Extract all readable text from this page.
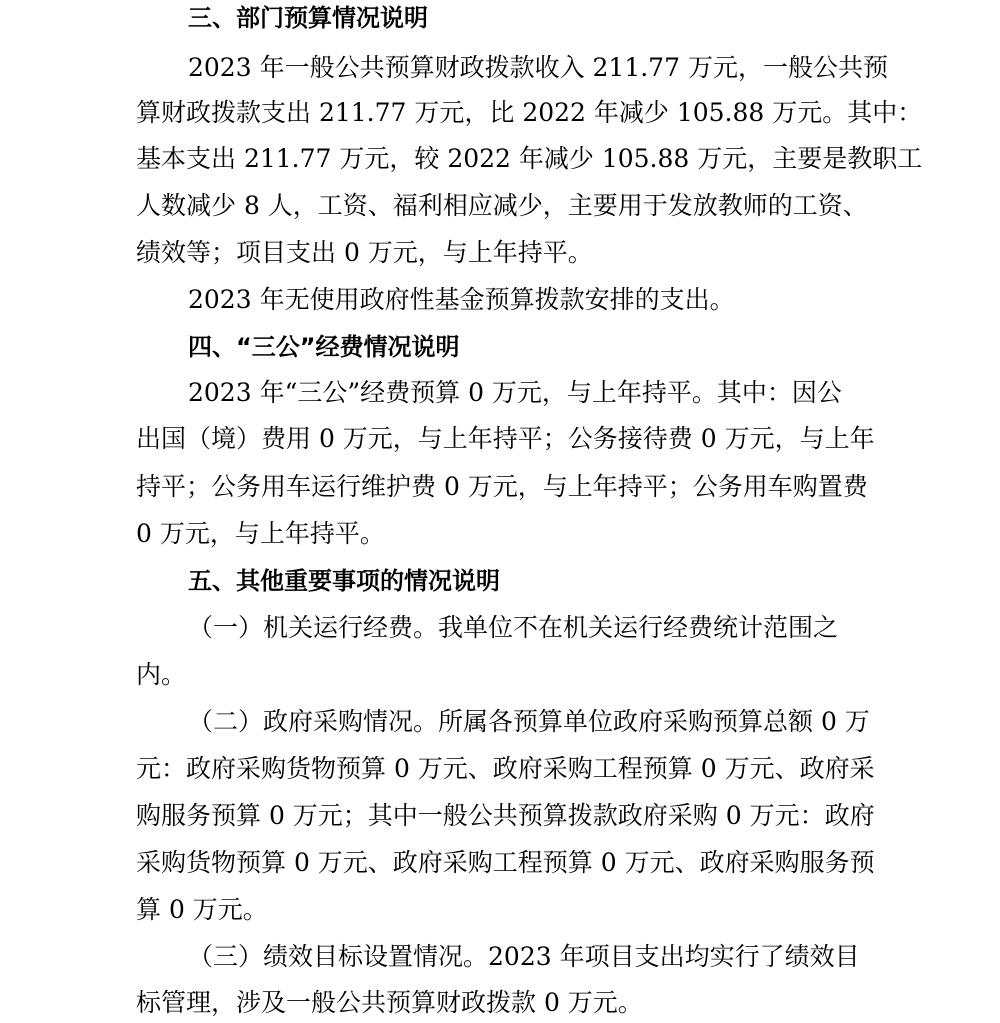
三、部门预算情况说明

2023 年一般公共预算财政拨款收入 211.77 万元，一般公共预

算财政拨款支出 211.77 万元，比 2022 年减少 105.88 万元。其中：

基本支出 211.77 万元，较 2022 年减少 105.88 万元，主要是教职工

人数减少 8 人，工资、福利相应减少，主要用于发放教师的工资、

绩效等；项目支出 0 万元，与上年持平。

2023 年无使用政府性基金预算拨款安排的支出。

四、“三公”经费情况说明

2023 年“三公”经费预算 0 万元，与上年持平。其中：因公

出国（境）费用 0 万元，与上年持平；公务接待费 0 万元，与上年

持平；公务用车运行维护费 0 万元，与上年持平；公务用车购置费

0 万元，与上年持平。

五、其他重要事项的情况说明

（一）机关运行经费。我单位不在机关运行经费统计范围之

内。

（二）政府采购情况。所属各预算单位政府采购预算总额 0 万

元：政府采购货物预算 0 万元、政府采购工程预算 0 万元、政府采

购服务预算 0 万元；其中一般公共预算拨款政府采购 0 万元：政府

采购货物预算 0 万元、政府采购工程预算 0 万元、政府采购服务预

算 0 万元。

（三）绩效目标设置情况。2023 年项目支出均实行了绩效目

标管理，涉及一般公共预算财政拨款 0 万元。
